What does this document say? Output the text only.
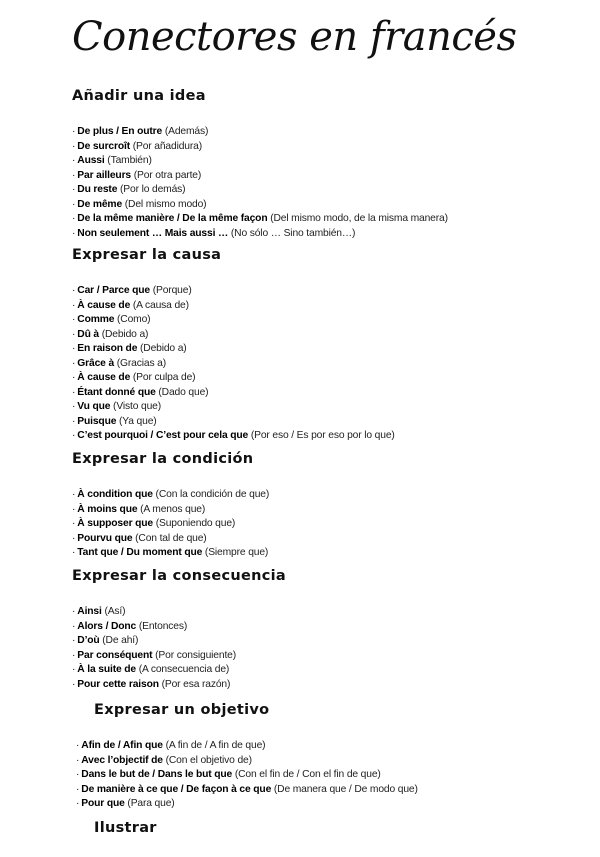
Conectores en francés
Añadir una idea
· De plus / En outre (Además)
· De surcroît (Por añadidura)
· Aussi (También)
· Par ailleurs (Por otra parte)
· Du reste (Por lo demás)
· De même (Del mismo modo)
· De la même manière / De la même façon (Del mismo modo, de la misma manera)
· Non seulement … Mais aussi … (No sólo … Sino también…)
Expresar la causa
· Car / Parce que (Porque)
· À cause de (A causa de)
· Comme (Como)
· Dû à (Debido a)
· En raison de (Debido a)
· Grâce à (Gracias a)
· À cause de (Por culpa de)
· Étant donné que (Dado que)
· Vu que (Visto que)
· Puisque (Ya que)
· C’est pourquoi / C’est pour cela que (Por eso / Es por eso por lo que)
Expresar la condición
· À condition que (Con la condición de que)
· À moins que (A menos que)
· À supposer que (Suponiendo que)
· Pourvu que (Con tal de que)
· Tant que / Du moment que (Siempre que)
Expresar la consecuencia
· Ainsi (Así)
· Alors / Donc (Entonces)
· D’où (De ahí)
· Par conséquent (Por consiguiente)
· À la suite de (A consecuencia de)
· Pour cette raison (Por esa razón)
Expresar un objetivo
· Afin de / Afin que (A fin de / A fin de que)
· Avec l’objectif de (Con el objetivo de)
· Dans le but de / Dans le but que (Con el fin de / Con el fin de que)
· De manière à ce que / De façon à ce que (De manera que / De modo que)
· Pour que (Para que)
Ilustrar
